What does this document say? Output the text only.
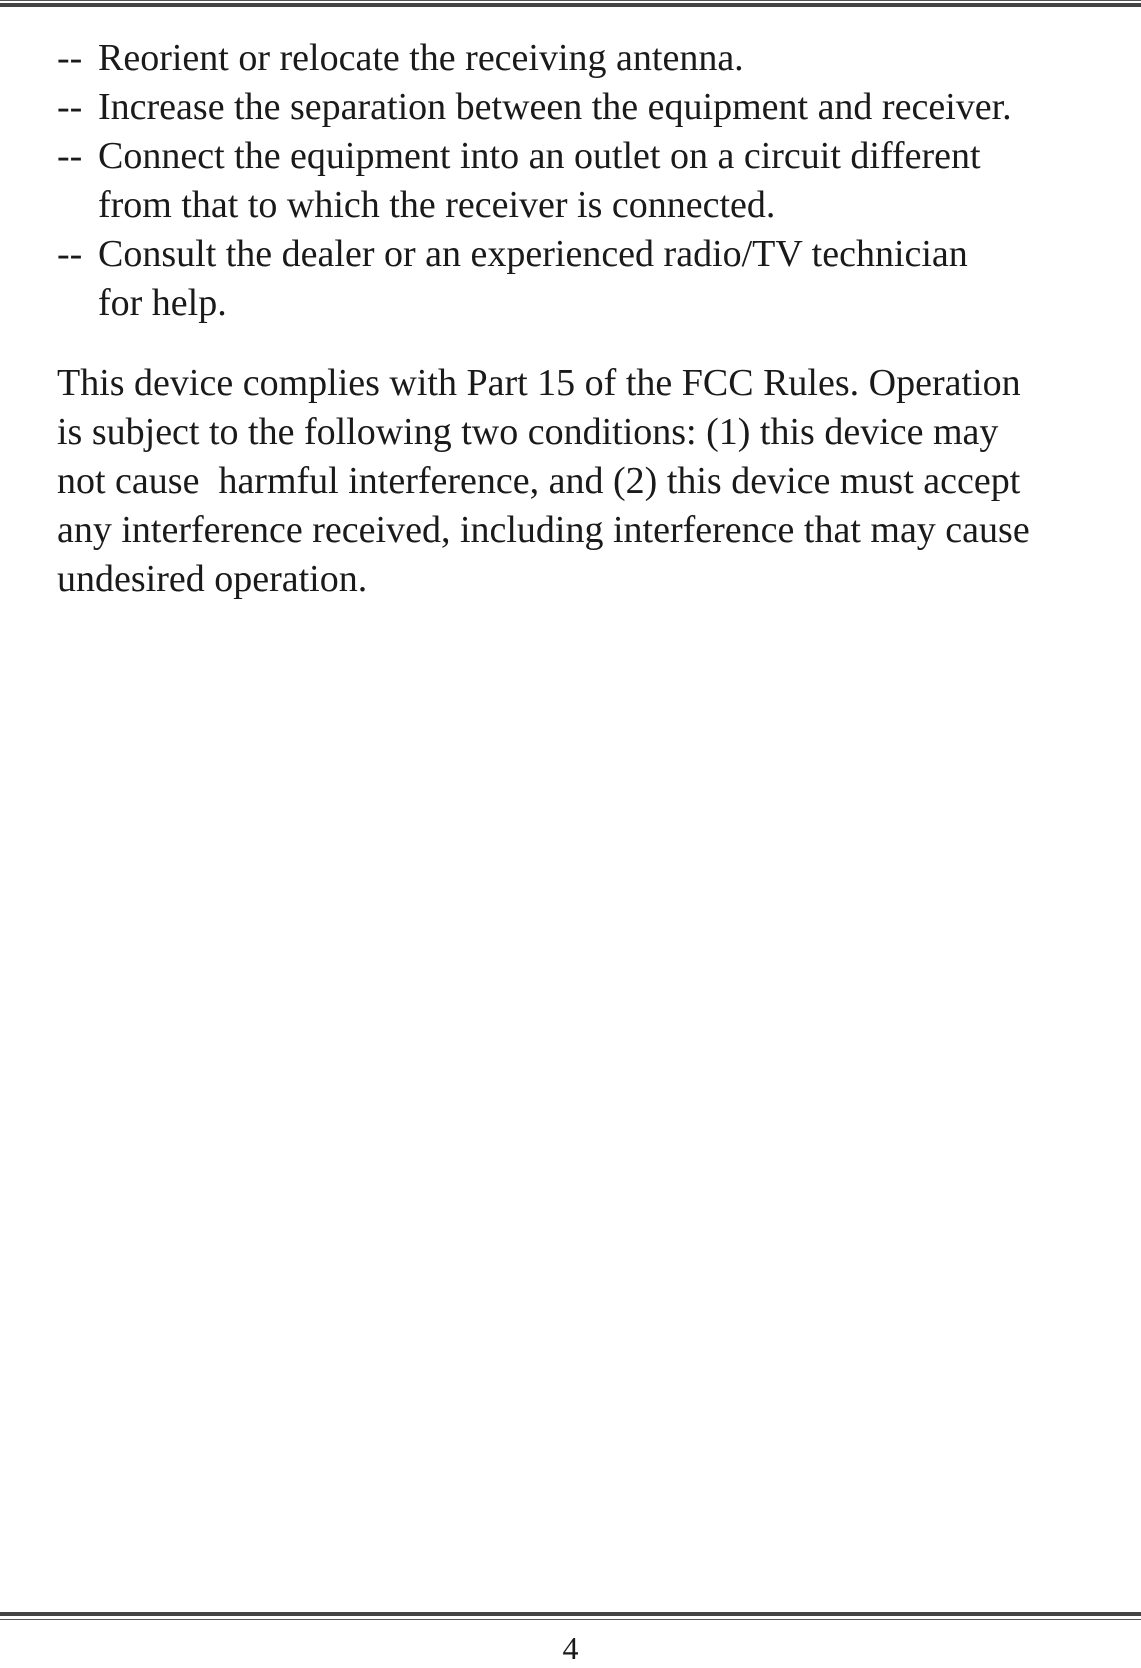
-- Reorient or relocate the receiving antenna.
-- Increase the separation between the equipment and receiver.
-- Connect the equipment into an outlet on a circuit different
from that to which the receiver is connected.
-- Consult the dealer or an experienced radio/TV technician
for help.
This device complies with Part 15 of the FCC Rules. Operation
is subject to the following two conditions: (1) this device may
not cause  harmful interference, and (2) this device must accept
any interference received, including interference that may cause
undesired operation.
4
